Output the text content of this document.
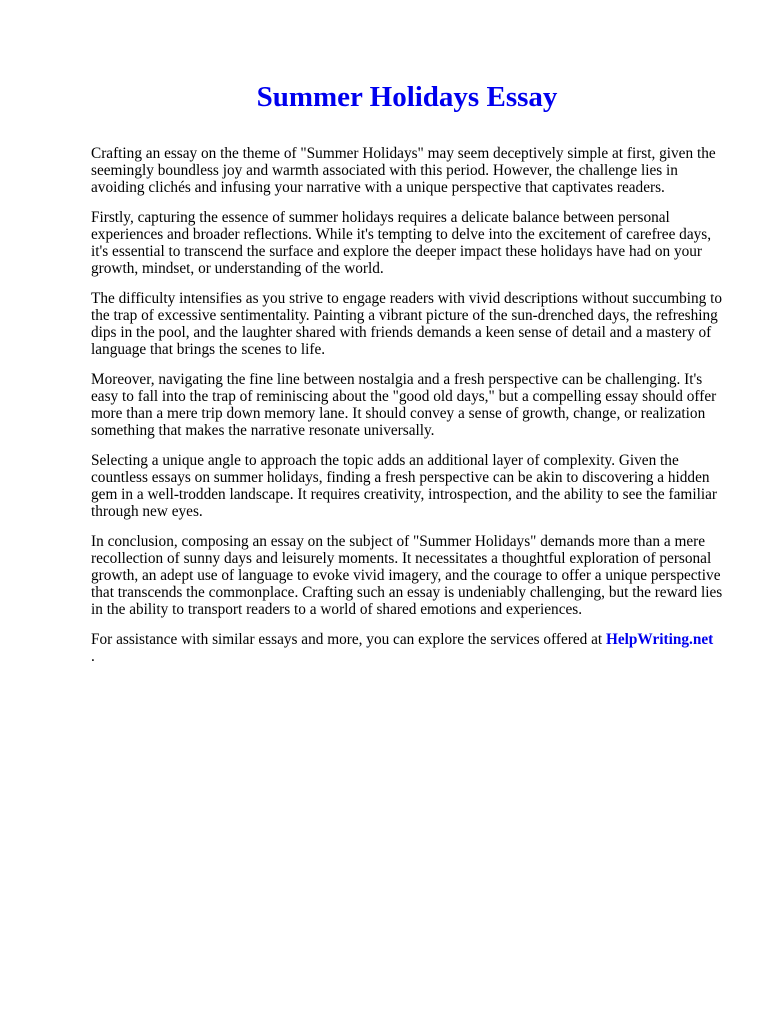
Summer Holidays Essay

Crafting an essay on the theme of "Summer Holidays" may seem deceptively simple at first, given the seemingly boundless joy and warmth associated with this period. However, the challenge lies in avoiding clichés and infusing your narrative with a unique perspective that captivates readers.

Firstly, capturing the essence of summer holidays requires a delicate balance between personal experiences and broader reflections. While it's tempting to delve into the excitement of carefree days, it's essential to transcend the surface and explore the deeper impact these holidays have had on your growth, mindset, or understanding of the world.

The difficulty intensifies as you strive to engage readers with vivid descriptions without succumbing to the trap of excessive sentimentality. Painting a vibrant picture of the sun-drenched days, the refreshing dips in the pool, and the laughter shared with friends demands a keen sense of detail and a mastery of language that brings the scenes to life.

Moreover, navigating the fine line between nostalgia and a fresh perspective can be challenging. It's easy to fall into the trap of reminiscing about the "good old days," but a compelling essay should offer more than a mere trip down memory lane. It should convey a sense of growth, change, or realization    something that makes the narrative resonate universally.

Selecting a unique angle to approach the topic adds an additional layer of complexity. Given the countless essays on summer holidays, finding a fresh perspective can be akin to discovering a hidden gem in a well-trodden landscape. It requires creativity, introspection, and the ability to see the familiar through new eyes.

In conclusion, composing an essay on the subject of "Summer Holidays" demands more than a mere recollection of sunny days and leisurely moments. It necessitates a thoughtful exploration of personal growth, an adept use of language to evoke vivid imagery, and the courage to offer a unique perspective that transcends the commonplace. Crafting such an essay is undeniably challenging, but the reward lies in the ability to transport readers to a world of shared emotions and experiences.

For assistance with similar essays and more, you can explore the services offered at HelpWriting.net
.
